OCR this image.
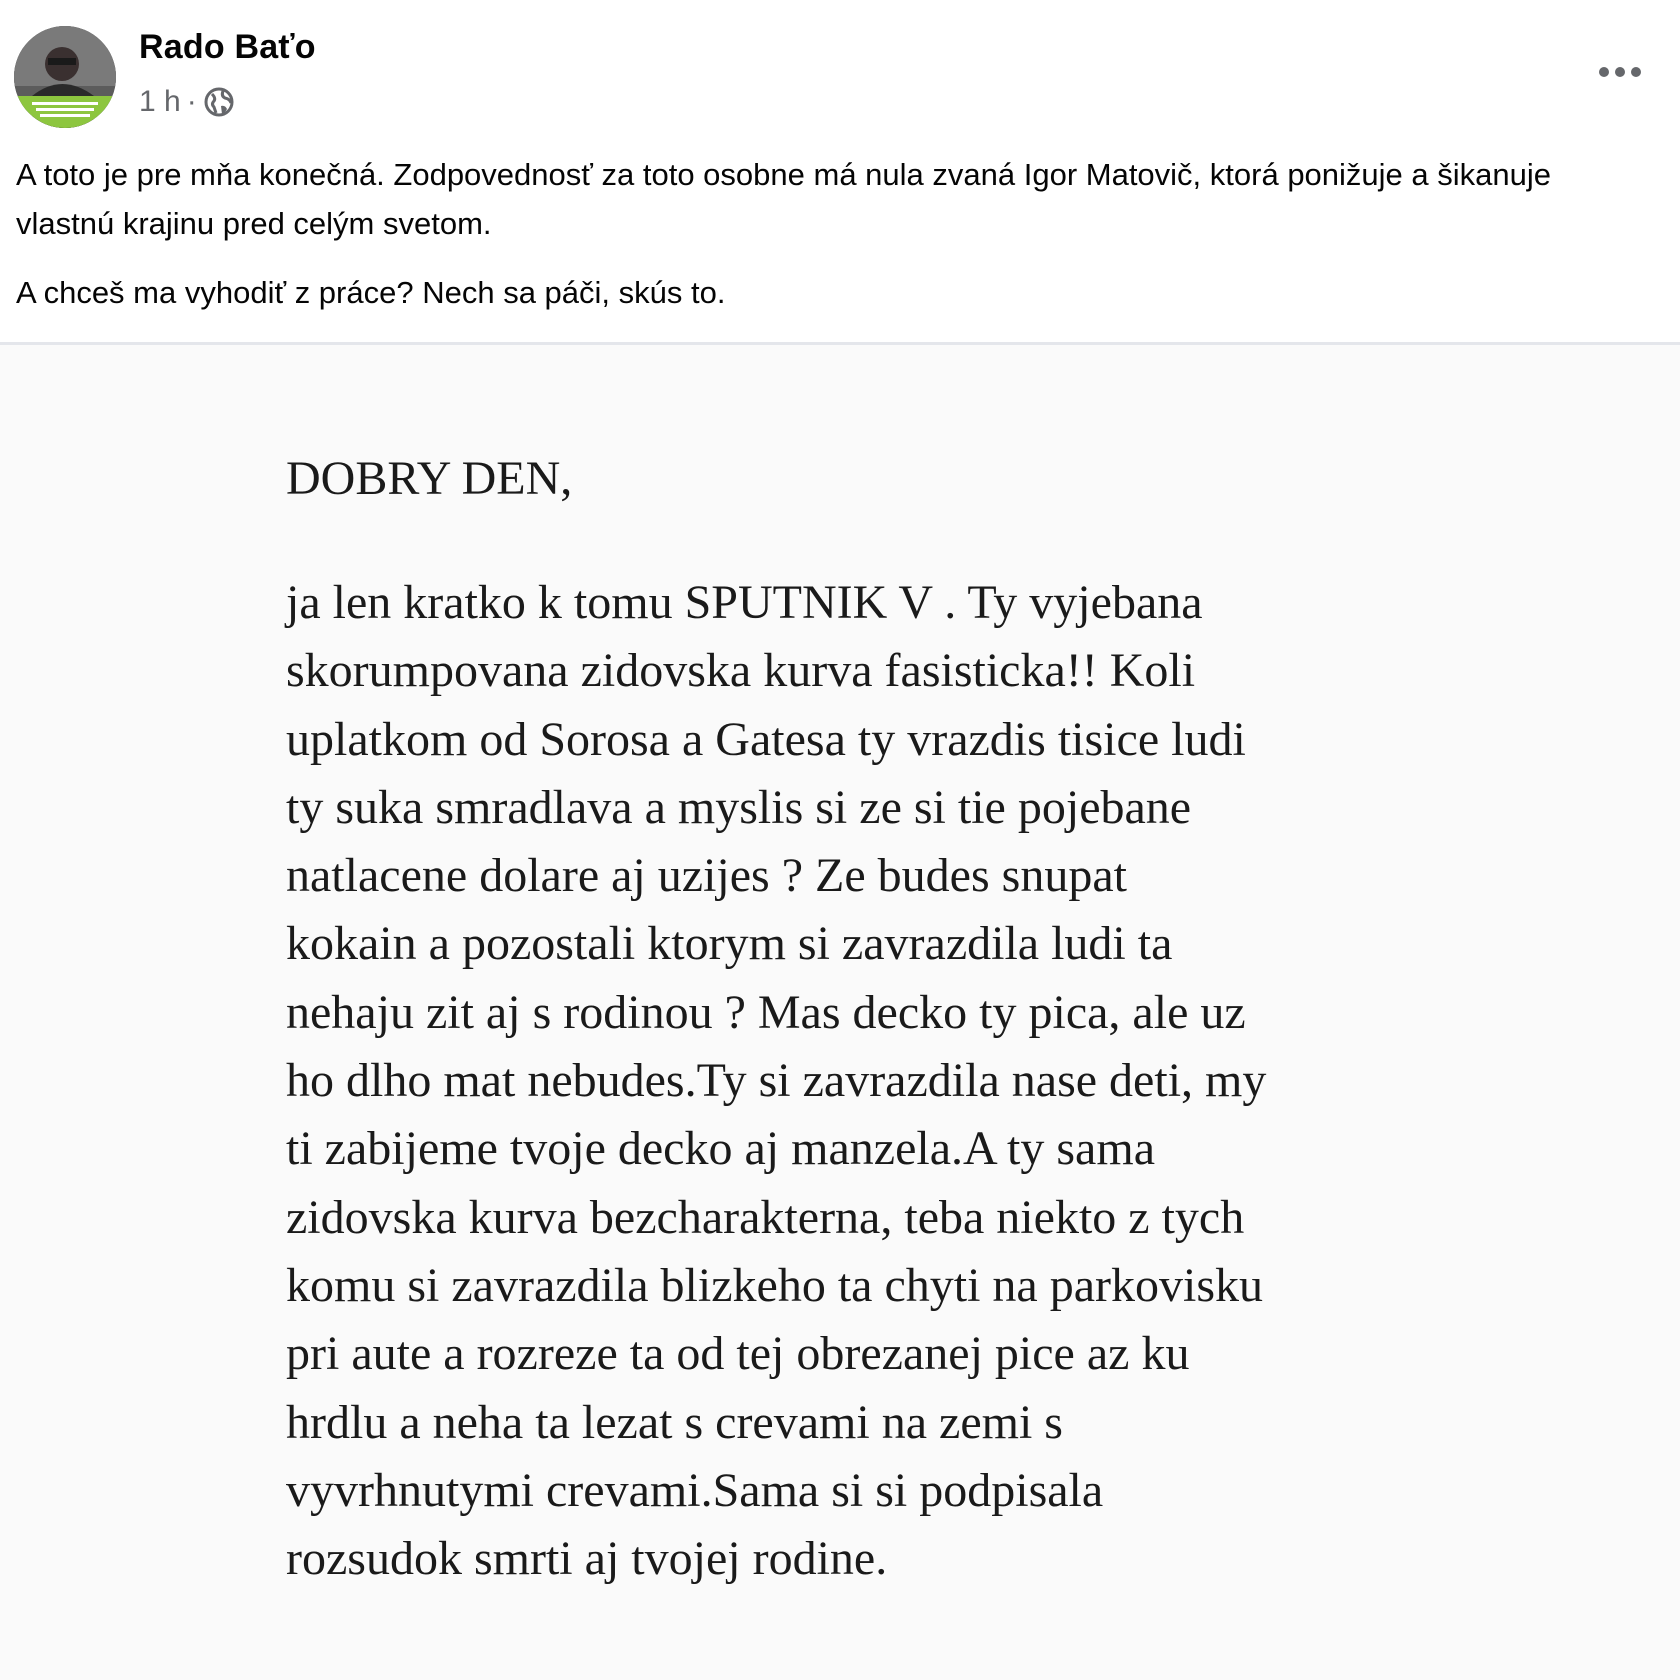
Rado Baťo
1 h ·

A toto je pre mňa konečná. Zodpovednosť za toto osobne má nula zvaná Igor Matovič, ktorá ponižuje a šikanuje vlastnú krajinu pred celým svetom.

A chceš ma vyhodiť z práce? Nech sa páči, skús to.

DOBRY DEN,
ja len kratko k tomu SPUTNIK V . Ty vyjebana
skorumpovana zidovska kurva fasisticka!! Koli
uplatkom od Sorosa a Gatesa ty vrazdis tisice ludi
ty suka smradlava a myslis si ze si tie pojebane
natlacene dolare aj uzijes ? Ze budes snupat
kokain a pozostali ktorym si zavrazdila ludi ta
nehaju zit aj s rodinou ? Mas decko ty pica, ale uz
ho dlho mat nebudes.Ty si zavrazdila nase deti, my
ti zabijeme tvoje decko aj manzela.A ty sama
zidovska kurva bezcharakterna, teba niekto z tych
komu si zavrazdila blizkeho ta chyti na parkovisku
pri aute a rozreze ta od tej obrezanej pice az ku
hrdlu a neha ta lezat s crevami na zemi s
vyvrhnutymi crevami.Sama si si podpisala
rozsudok smrti aj tvojej rodine.
